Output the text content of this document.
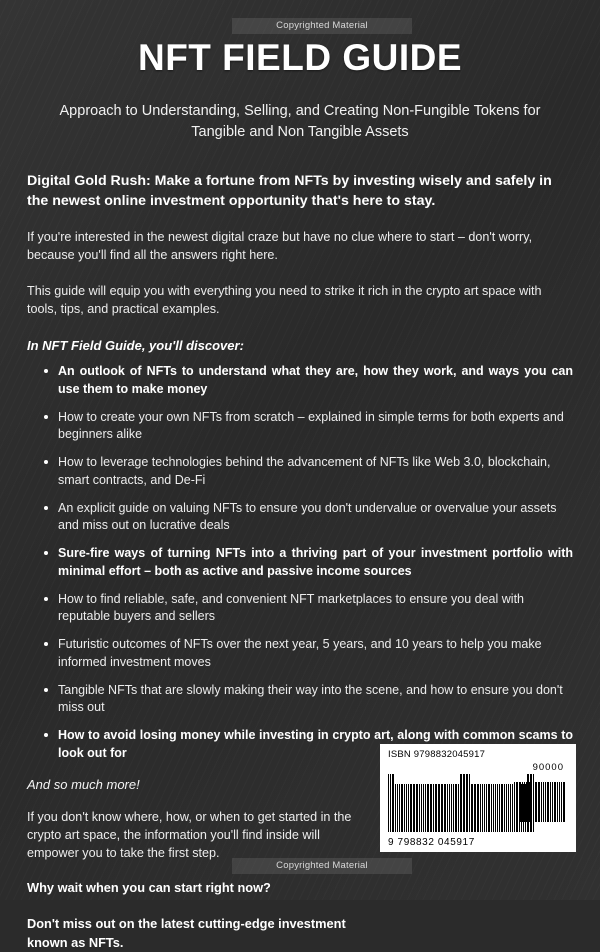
Copyrighted Material
NFT FIELD GUIDE
Approach to Understanding, Selling, and Creating Non-Fungible Tokens for Tangible and Non Tangible Assets
Digital Gold Rush: Make a fortune from NFTs by investing wisely and safely in the newest online investment opportunity that's here to stay.
If you're interested in the newest digital craze but have no clue where to start – don't worry, because you'll find all the answers right here.
This guide will equip you with everything you need to strike it rich in the crypto art space with tools, tips, and practical examples.
In NFT Field Guide, you'll discover:
An outlook of NFTs to understand what they are, how they work, and ways you can use them to make money
How to create your own NFTs from scratch – explained in simple terms for both experts and beginners alike
How to leverage technologies behind the advancement of NFTs like Web 3.0, blockchain, smart contracts, and De-Fi
An explicit guide on valuing NFTs to ensure you don't undervalue or overvalue your assets and miss out on lucrative deals
Sure-fire ways of turning NFTs into a thriving part of your investment portfolio with minimal effort – both as active and passive income sources
How to find reliable, safe, and convenient NFT marketplaces to ensure you deal with reputable buyers and sellers
Futuristic outcomes of NFTs over the next year, 5 years, and 10 years to help you make informed investment moves
Tangible NFTs that are slowly making their way into the scene, and how to ensure you don't miss out
How to avoid losing money while investing in crypto art, along with common scams to look out for
And so much more!
If you don't know where, how, or when to get started in the crypto art space, the information you'll find inside will empower you to take the first step.
Why wait when you can start right now?
Don't miss out on the latest cutting-edge investment known as NFTs.
ISBN 9798832045917
90000
9 798832 045917
Copyrighted Material
